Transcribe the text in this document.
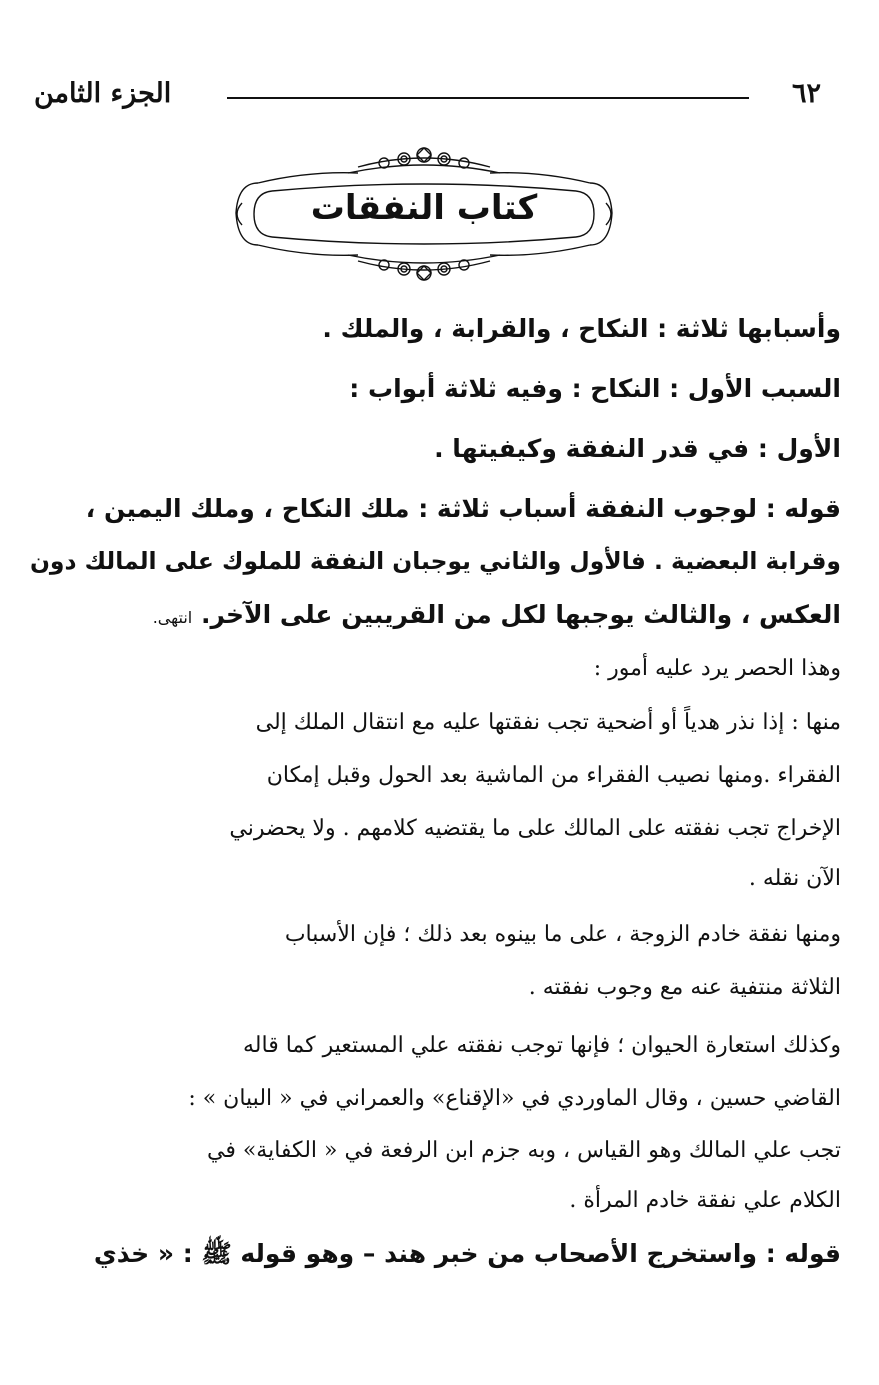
٦٢
الجزء الثامن
كتاب النفقات
وأسبابها ثلاثة : النكاح ، والقرابة ، والملك .
السبب الأول : النكاح : وفيه ثلاثة أبواب :
الأول : في قدر النفقة وكيفيتها .
قوله : لوجوب النفقة أسباب ثلاثة : ملك النكاح ، وملك اليمين ،
وقرابة البعضية . فالأول والثاني يوجبان النفقة للملوك على المالك دون
العكس ، والثالث يوجبها لكل من القريبين على الآخر. انتهى.
وهذا الحصر يرد عليه أمور :
منها : إذا نذر هدياً أو أضحية تجب نفقتها عليه مع انتقال الملك إلى
الفقراء .ومنها نصيب الفقراء من الماشية بعد الحول وقبل إمكان
الإخراج تجب نفقته على المالك على ما يقتضيه كلامهم . ولا يحضرني
الآن نقله .
ومنها نفقة خادم الزوجة ، على ما بينوه بعد ذلك ؛ فإن الأسباب
الثلاثة منتفية عنه مع وجوب نفقته .
وكذلك استعارة الحيوان ؛ فإنها توجب نفقته علي المستعير كما قاله
القاضي حسين ، وقال الماوردي في «الإقناع» والعمراني في « البيان » :
تجب علي المالك وهو القياس ، وبه جزم ابن الرفعة في « الكفاية» في
الكلام علي نفقة خادم المرأة .
قوله : واستخرج الأصحاب من خبر هند – وهو قوله ﷺ : « خذي
